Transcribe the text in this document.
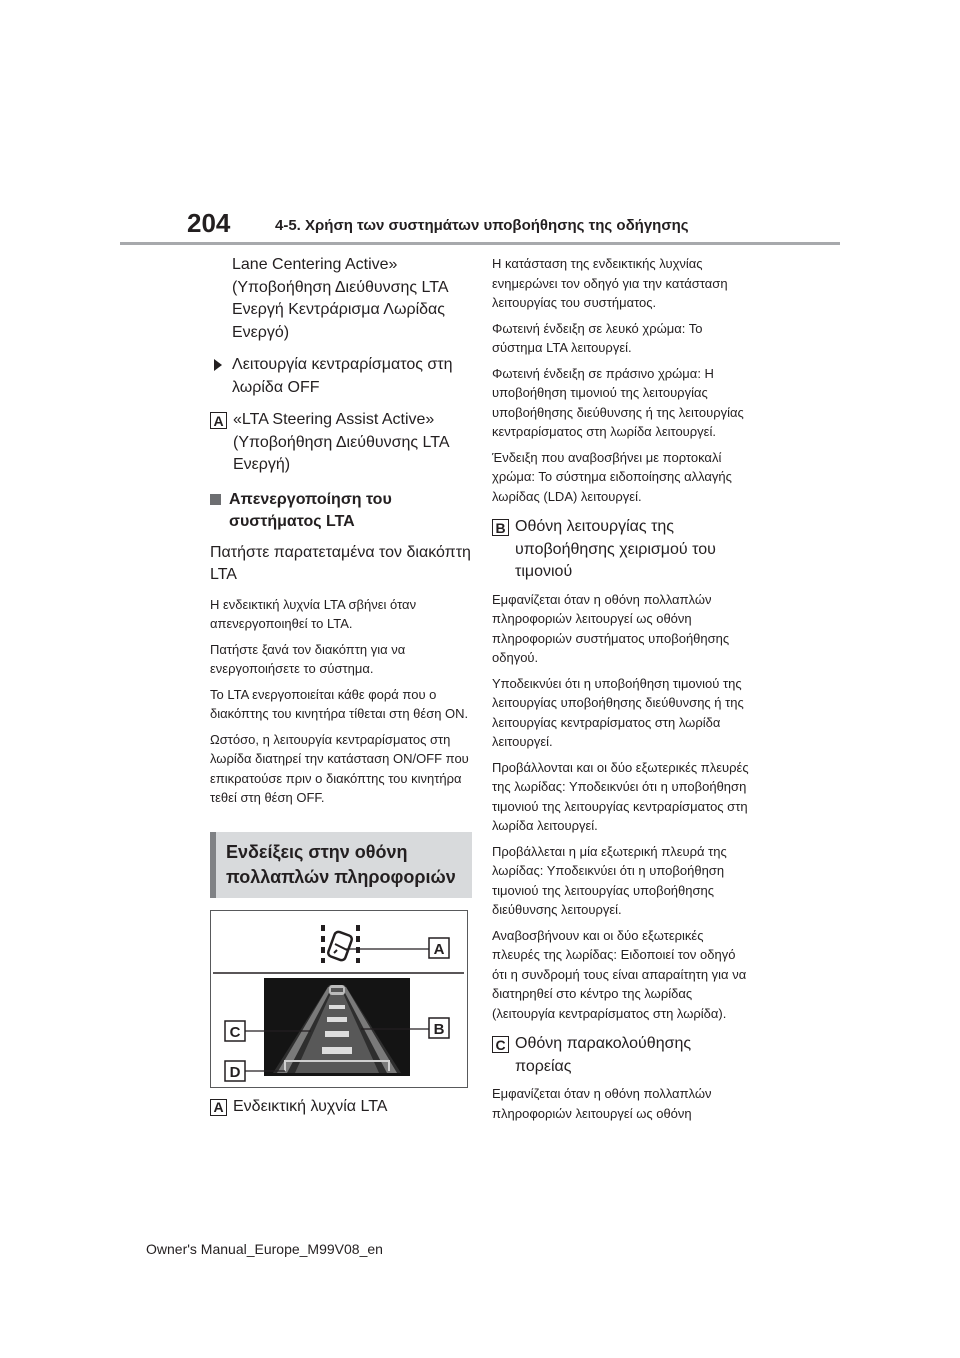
204	4-5. Χρήση των συστημάτων υποβοήθησης της οδήγησης

Lane Centering Active» (Υποβοήθηση Διεύθυνσης LTA Ενεργή Κεντράρισμα Λωρίδας Ενεργό)

Λειτουργία κεντραρίσματος στη λωρίδα OFF
A «LTA Steering Assist Active» (Υποβοήθηση Διεύθυνσης LTA Ενεργή)
Απενεργοποίηση του συστήματος LTA

Πατήστε παρατεταμένα τον διακόπτη LTA

Η ενδεικτική λυχνία LTA σβήνει όταν απενεργοποιηθεί το LTA.

Πατήστε ξανά τον διακόπτη για να ενεργοποιήσετε το σύστημα.

Το LTA ενεργοποιείται κάθε φορά που ο διακόπτης του κινητήρα τίθεται στη θέση ON.

Ωστόσο, η λειτουργία κεντραρίσματος στη λωρίδα διατηρεί την κατάσταση ON/OFF που επικρατούσε πριν ο διακόπτης του κινητήρα τεθεί στη θέση OFF.

Ενδείξεις στην οθόνη πολλαπλών πληροφοριών
A
B
C
D
A Ενδεικτική λυχνία LTA

Η κατάσταση της ενδεικτικής λυχνίας ενημερώνει τον οδηγό για την κατάσταση λειτουργίας του συστήματος.

Φωτεινή ένδειξη σε λευκό χρώμα: Το σύστημα LTA λειτουργεί.

Φωτεινή ένδειξη σε πράσινο χρώμα: Η υποβοήθηση τιμονιού της λειτουργίας υποβοήθησης διεύθυνσης ή της λειτουργίας κεντραρίσματος στη λωρίδα λειτουργεί.

Ένδειξη που αναβοσβήνει με πορτοκαλί χρώμα: Το σύστημα ειδοποίησης αλλαγής λωρίδας (LDA) λειτουργεί.

B Οθόνη λειτουργίας της υποβοήθησης χειρισμού του τιμονιού

Εμφανίζεται όταν η οθόνη πολλαπλών πληροφοριών λειτουργεί ως οθόνη πληροφοριών συστήματος υποβοήθησης οδηγού.

Υποδεικνύει ότι η υποβοήθηση τιμονιού της λειτουργίας υποβοήθησης διεύθυνσης ή της λειτουργίας κεντραρίσματος στη λωρίδα λειτουργεί.

Προβάλλονται και οι δύο εξωτερικές πλευρές της λωρίδας: Υποδεικνύει ότι η υποβοήθηση τιμονιού της λειτουργίας κεντραρίσματος στη λωρίδα λειτουργεί.

Προβάλλεται η μία εξωτερική πλευρά της λωρίδας: Υποδεικνύει ότι η υποβοήθηση τιμονιού της λειτουργίας υποβοήθησης διεύθυνσης λειτουργεί.

Αναβοσβήνουν και οι δύο εξωτερικές πλευρές της λωρίδας: Ειδοποιεί τον οδηγό ότι η συνδρομή τους είναι απαραίτητη για να διατηρηθεί στο κέντρο της λωρίδας (λειτουργία κεντραρίσματος στη λωρίδα).

C Οθόνη παρακολούθησης πορείας

Εμφανίζεται όταν η οθόνη πολλαπλών πληροφοριών λειτουργεί ως οθόνη

Owner's Manual_Europe_M99V08_en
